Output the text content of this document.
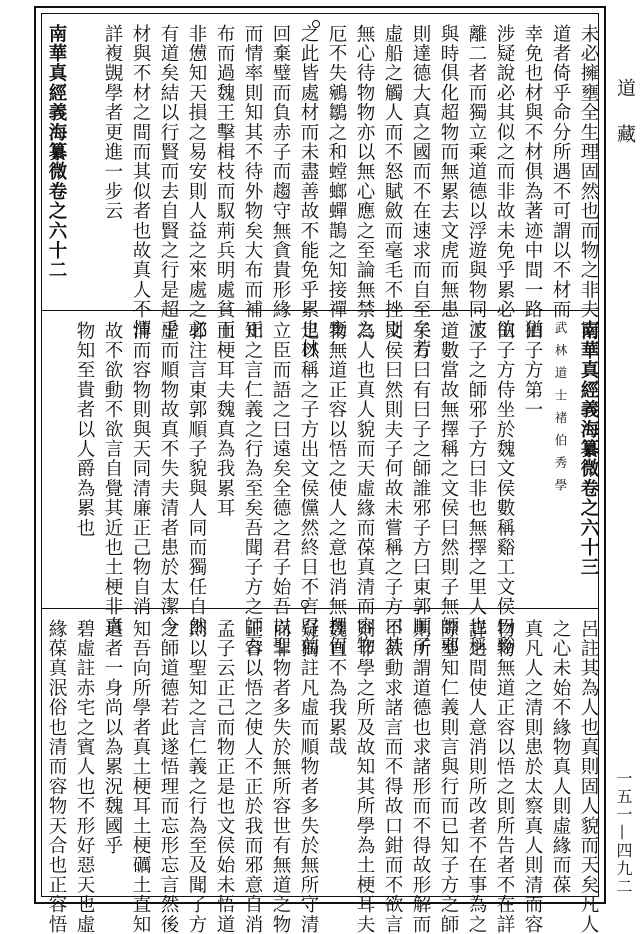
未必擁壅全生理固然也而物之非夫窮
道者倚乎命分所遇不可謂以不材而
幸免也材與不材俱為著迹中間一路猶
涉疑說必其似之而非故未免乎累必欲
離二者而獨立乘道德以浮遊與物同波
與時俱化超物而無累去文虎而無患
則達德大真之國而不在速求而自至矣若
虛船之觸人而不怒賦斂而毫毛不挫則
無心待物物亦以無心應之至論無禁之
厄不失鵷鶵之和螳螂蟬鵲之知接禪棄
之此皆處材而未盡善故不能免乎累也林
回棄璧而負赤子而趨守無貪貴形緣
而情率則知其不待外物矣大布而補正
布而過魏王擊楫枝而馭荊兵明處貧而
非憊知天損之易安則人益之來處之必
有道矣結以行賢而去自賢之行是超乎
材與不材之間而其似者也故真人不憚
詳複覬學者更進一步云
南華真經義海纂微卷之六十二
南華真經義海纂微卷之六十三
武林道士褚伯秀學
田子方第一
田子方侍坐於魏文侯數稱谿工文侯曰谿
工子之師邪子方曰非也無擇之里人也稱
道數當故無擇稱之文侯曰然則子無師邪
子方曰有曰子之師誰邪子方曰東郭順子
文侯曰然則夫子何故未嘗稱之子方曰其
為人也真人貌而天虛緣而葆真清而容物
物無道正容以悟之使人之意也消無擇何
足以稱之子方出文侯儻然終日不言召前
立臣而語之曰遠矣全德之君子始吾以聖
知之言仁義之行為至矣吾聞子方之師吾
土梗耳夫魏真為我累耳
郭注言東郭順子貌與人同而獨任自然
虛而順物故真不失夫清者患於太潔今
清而容物則與天同清廉正己物自消
故不欲動不欲言自覺其近也土梗非真
物知至貴者以人爵為累也
呂註其為人也真則固人貌而天矣凡人
之心未始不緣物真人則虛緣而葆
真凡人之清則患於太察真人則清而容
物物無道正容以悟之則所告者不在詳
詳之間使人意消則所改者不在事為之
際聖知仁義則言與行而已知子方之師
則所謂道德也求諸形而不得故形解而
不欲動求諸言而不得故口鉗而不欲言
則非學之所及故知其所學為土梗耳夫
魏直不為我累哉
疑獨註凡虛而順物者多失於無所守清
而非物者多失於無所容世有無道之物
正容以悟之使人不正於我而邪意自消
孟子云正己而物正是也文侯始未悟道
則以聖知之言仁義之行為至及聞子方
之師道德若此遂悟理而忘形忘言然後
知吾向所學者真土梗耳土梗礪土直知
道者一身尚以為累況魏國乎
碧虛註赤宅之賓人也不形好惡天也虛
緣葆真泯俗也清而容物天合也正容悟
道
藏
一五一—四九二
